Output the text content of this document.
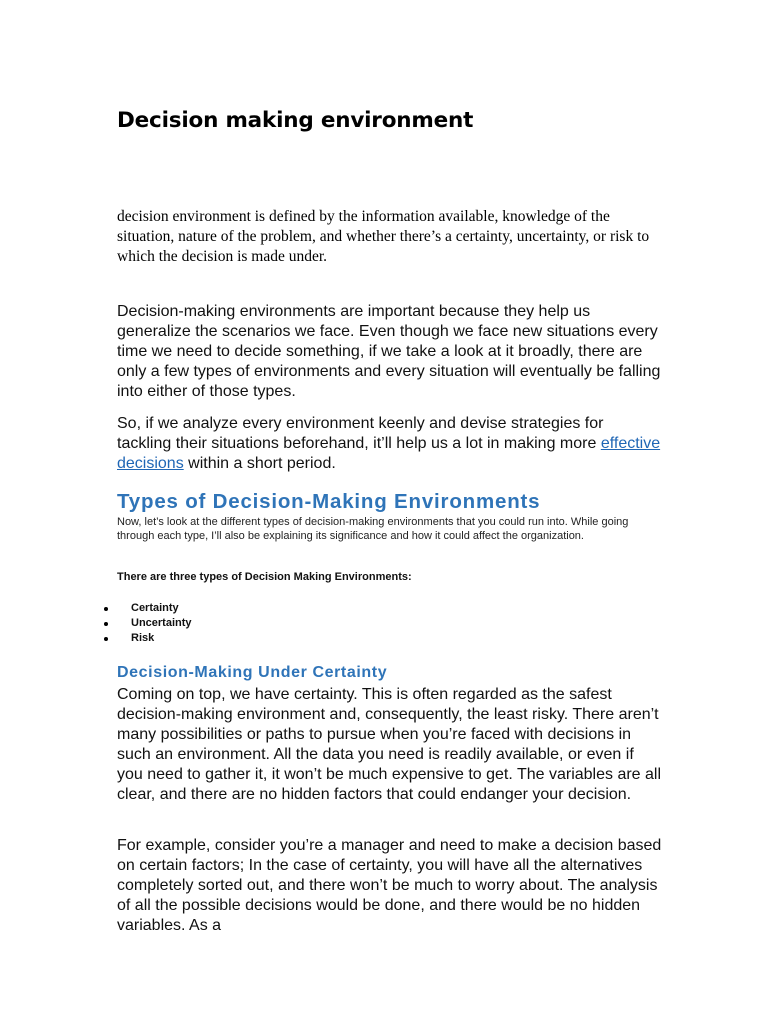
Decision making environment

decision environment is defined by the information available, knowledge of the situation, nature of the problem, and whether there’s a certainty, uncertainty, or risk to which the decision is made under.

Decision-making environments are important because they help us generalize the scenarios we face. Even though we face new situations every time we need to decide something, if we take a look at it broadly, there are only a few types of environments and every situation will eventually be falling into either of those types.

So, if we analyze every environment keenly and devise strategies for tackling their situations beforehand, it’ll help us a lot in making more effective decisions within a short period.

Types of Decision-Making Environments

Now, let’s look at the different types of decision-making environments that you could run into. While going through each type, I’ll also be explaining its significance and how it could affect the organization.

There are three types of Decision Making Environments:

Certainty
Uncertainty
Risk
Decision-Making Under Certainty

Coming on top, we have certainty. This is often regarded as the safest decision-making environment and, consequently, the least risky. There aren’t many possibilities or paths to pursue when you’re faced with decisions in such an environment. All the data you need is readily available, or even if you need to gather it, it won’t be much expensive to get. The variables are all clear, and there are no hidden factors that could endanger your decision.

For example, consider you’re a manager and need to make a decision based on certain factors; In the case of certainty, you will have all the alternatives completely sorted out, and there won’t be much to worry about. The analysis of all the possible decisions would be done, and there would be no hidden variables. As a
